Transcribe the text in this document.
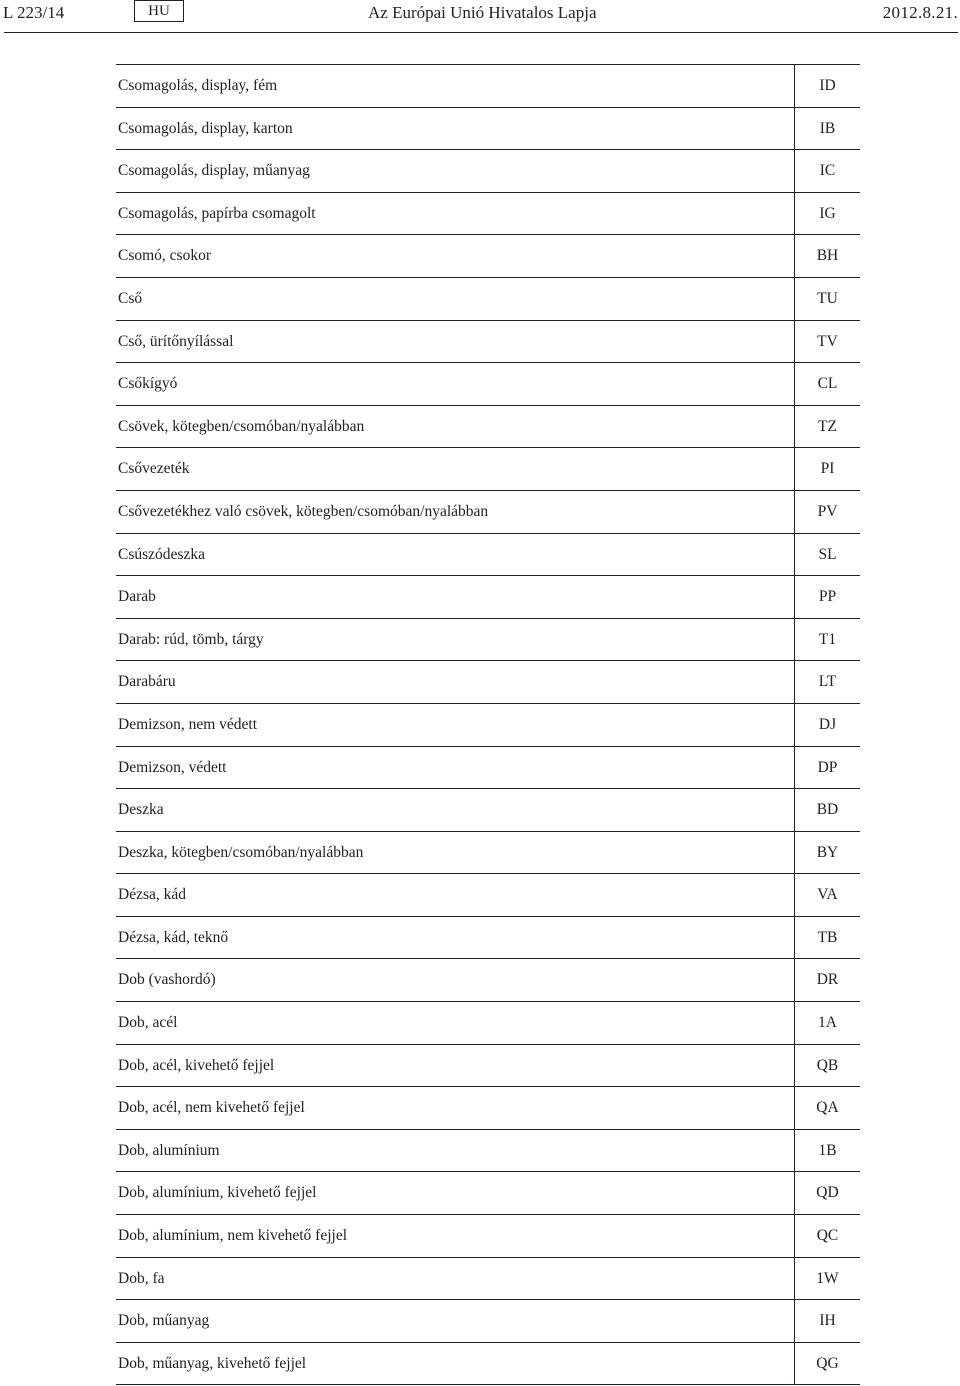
L 223/14	HU	Az Európai Unió Hivatalos Lapja	2012.8.21.
Csomagolás, display, fém	ID
Csomagolás, display, karton	IB
Csomagolás, display, műanyag	IC
Csomagolás, papírba csomagolt	IG
Csomó, csokor	BH
Cső	TU
Cső, ürítőnyílással	TV
Csőkígyó	CL
Csövek, kötegben/csomóban/nyalábban	TZ
Csővezeték	PI
Csővezetékhez való csövek, kötegben/csomóban/nyalábban	PV
Csúszódeszka	SL
Darab	PP
Darab: rúd, tömb, tárgy	T1
Darabáru	LT
Demizson, nem védett	DJ
Demizson, védett	DP
Deszka	BD
Deszka, kötegben/csomóban/nyalábban	BY
Dézsa, kád	VA
Dézsa, kád, teknő	TB
Dob (vashordó)	DR
Dob, acél	1A
Dob, acél, kivehető fejjel	QB
Dob, acél, nem kivehető fejjel	QA
Dob, alumínium	1B
Dob, alumínium, kivehető fejjel	QD
Dob, alumínium, nem kivehető fejjel	QC
Dob, fa	1W
Dob, műanyag	IH
Dob, műanyag, kivehető fejjel	QG
